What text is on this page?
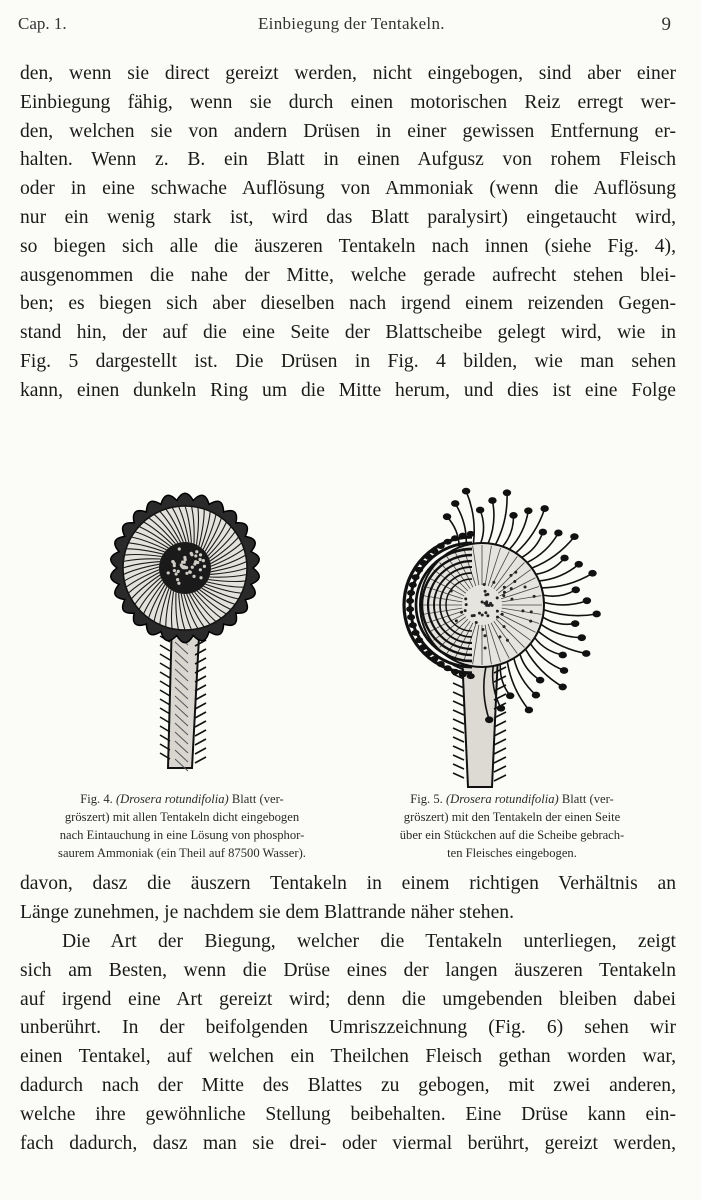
Cap. 1.	Einbiegung der Tentakeln.	9
den, wenn sie direct gereizt werden, nicht eingebogen, sind aber einer
Einbiegung fähig, wenn sie durch einen motorischen Reiz erregt wer-
den, welchen sie von andern Drüsen in einer gewissen Entfernung er-
halten. Wenn z. B. ein Blatt in einen Aufgusz von rohem Fleisch
oder in eine schwache Auflösung von Ammoniak (wenn die Auflösung
nur ein wenig stark ist, wird das Blatt paralysirt) eingetaucht wird,
so biegen sich alle die äuszeren Tentakeln nach innen (siehe Fig. 4),
ausgenommen die nahe der Mitte, welche gerade aufrecht stehen blei-
ben; es biegen sich aber dieselben nach irgend einem reizenden Gegen-
stand hin, der auf die eine Seite der Blattscheibe gelegt wird, wie in
Fig. 5 dargestellt ist. Die Drüsen in Fig. 4 bilden, wie man sehen
kann, einen dunkeln Ring um die Mitte herum, und dies ist eine Folge
Fig. 4. (Drosera rotundifolia) Blatt (ver-
gröszert) mit allen Tentakeln dicht eingebogen
nach Eintauchung in eine Lösung von phosphor-
saurem Ammoniak (ein Theil auf 87500 Wasser).
Fig. 5. (Drosera rotundifolia) Blatt (ver-
gröszert) mit den Tentakeln der einen Seite
über ein Stückchen auf die Scheibe gebrach-
ten Fleisches eingebogen.
davon, dasz die äuszern Tentakeln in einem richtigen Verhältnis an
Länge zunehmen, je nachdem sie dem Blattrande näher stehen.
Die Art der Biegung, welcher die Tentakeln unterliegen, zeigt
sich am Besten, wenn die Drüse eines der langen äuszeren Tentakeln
auf irgend eine Art gereizt wird; denn die umgebenden bleiben dabei
unberührt. In der beifolgenden Umriszzeichnung (Fig. 6) sehen wir
einen Tentakel, auf welchen ein Theilchen Fleisch gethan worden war,
dadurch nach der Mitte des Blattes zu gebogen, mit zwei anderen,
welche ihre gewöhnliche Stellung beibehalten. Eine Drüse kann ein-
fach dadurch, dasz man sie drei- oder viermal berührt, gereizt werden,
